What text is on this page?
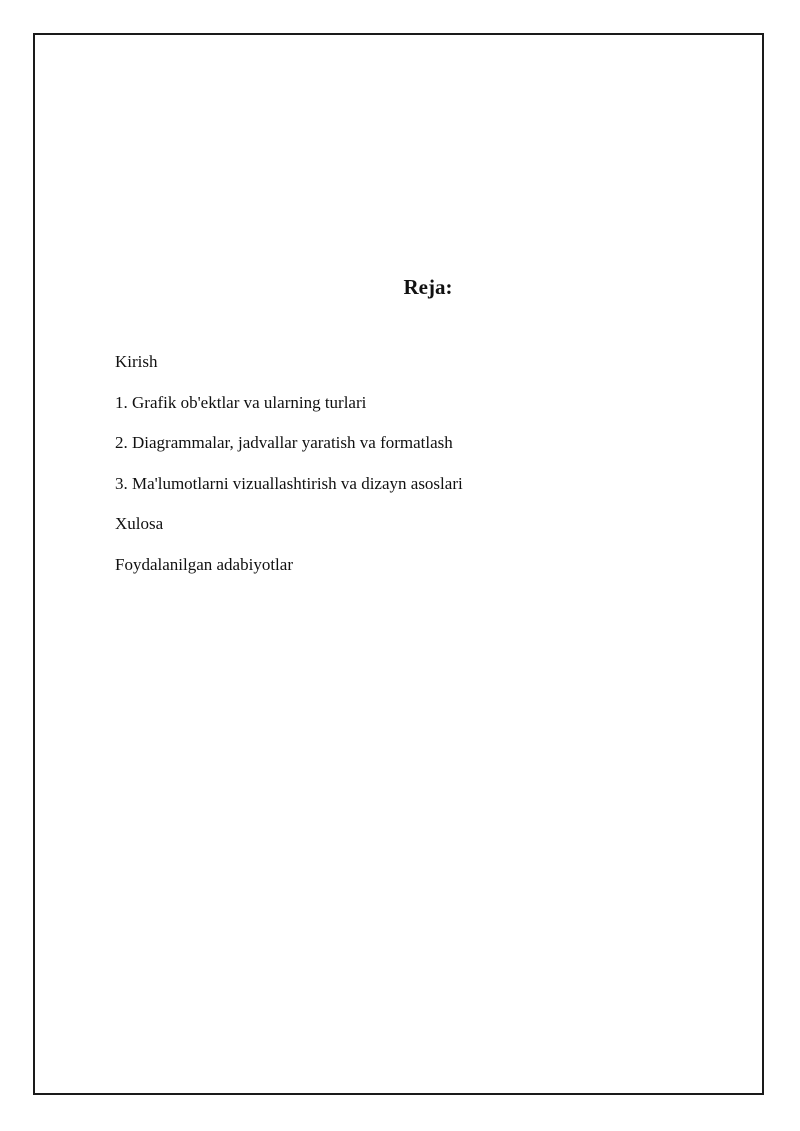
Reja:
Kirish
1. Grafik ob'ektlar va ularning turlari
2. Diagrammalar, jadvallar yaratish va formatlash
3. Ma'lumotlarni vizuallashtirish va dizayn asoslari
Xulosa
Foydalanilgan adabiyotlar
